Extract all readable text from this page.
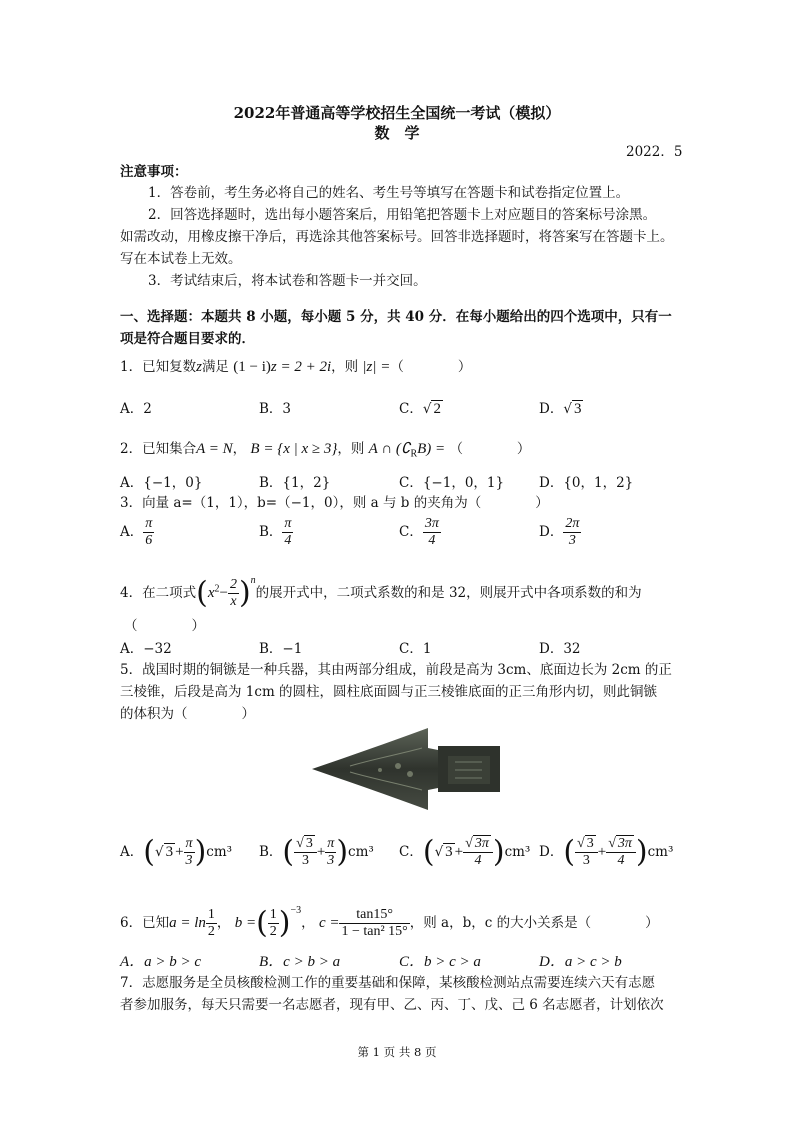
2022年普通高等学校招生全国统一考试（模拟）
数　学
2022．5
注意事项：
1．答卷前，考生务必将自己的姓名、考生号等填写在答题卡和试卷指定位置上。
2．回答选择题时，选出每小题答案后，用铅笔把答题卡上对应题目的答案标号涂黑。
如需改动，用橡皮擦干净后，再选涂其他答案标号。回答非选择题时，将答案写在答题卡上。
写在本试卷上无效。
3．考试结束后，将本试卷和答题卡一并交回。
一、选择题：本题共 8 小题，每小题 5 分，共 40 分．在每小题给出的四个选项中，只有一
项是符合题目要求的．
1．已知复数z满足 (1 − i)z = 2 + 2i，则 |z| =（　　　　）
A．2	B．3	C．√ 2	D．√ 3
2．已知集合A = N， B = {x | x ≥ 3}，则 A ∩ $(∁_RB)$ = （　　　　）
A．{−1，0}	B．{1，2}	C．{−1，0，1}	D．{0，1，2}
3．向量 a=（1，1），b=（−1，0），则 a 与 b 的夹角为（　　　　）
A． $\frac{\pi}{6}$	B． $\frac{\pi}{4}$	C． $\frac{3\pi}{4}$	D． $\frac{2\pi}{3}$
4．在二项式$(x^2- \frac{2}{x} )^n$的展开式中，二项式系数的和是 32，则展开式中各项系数的和为
（　　　　）
A．−32	B．−1	C．1	D．32
5．战国时期的铜镞是一种兵器，其由两部分组成，前段是高为 3cm、底面边长为 2cm 的正
三棱锥，后段是高为 1cm 的圆柱，圆柱底面圆与正三棱锥底面的正三角形内切，则此铜镞
的体积为（　　　　）
A．(√ $3 + \frac{\pi}{3} )cm^3$ B．( $\frac{√ 3}{3} + \frac{\pi}{3} )cm^3$ C．(√ $3 + \frac{√ 3\pi}{4} )cm^3$ D．( $\frac{√ 3}{3} + \frac{√ 3\pi}{4} )cm^3$
6．已知$a = \ln \frac{1}{2}$ ， b =( $\frac{1}{2} )^{-3}$， $c = \frac{\tan 15^\circ}{\text{1 − tan² 15°}}$ ，则 a，b，c 的大小关系是（　　　　）
A．a > b > c	B．c > b > a	C．b > c > a	D．a > c > b
7．志愿服务是全员核酸检测工作的重要基础和保障，某核酸检测站点需要连续六天有志愿
者参加服务，每天只需要一名志愿者，现有甲、乙、丙、丁、戊、己 6 名志愿者，计划依次
第 1 页 共 8 页
